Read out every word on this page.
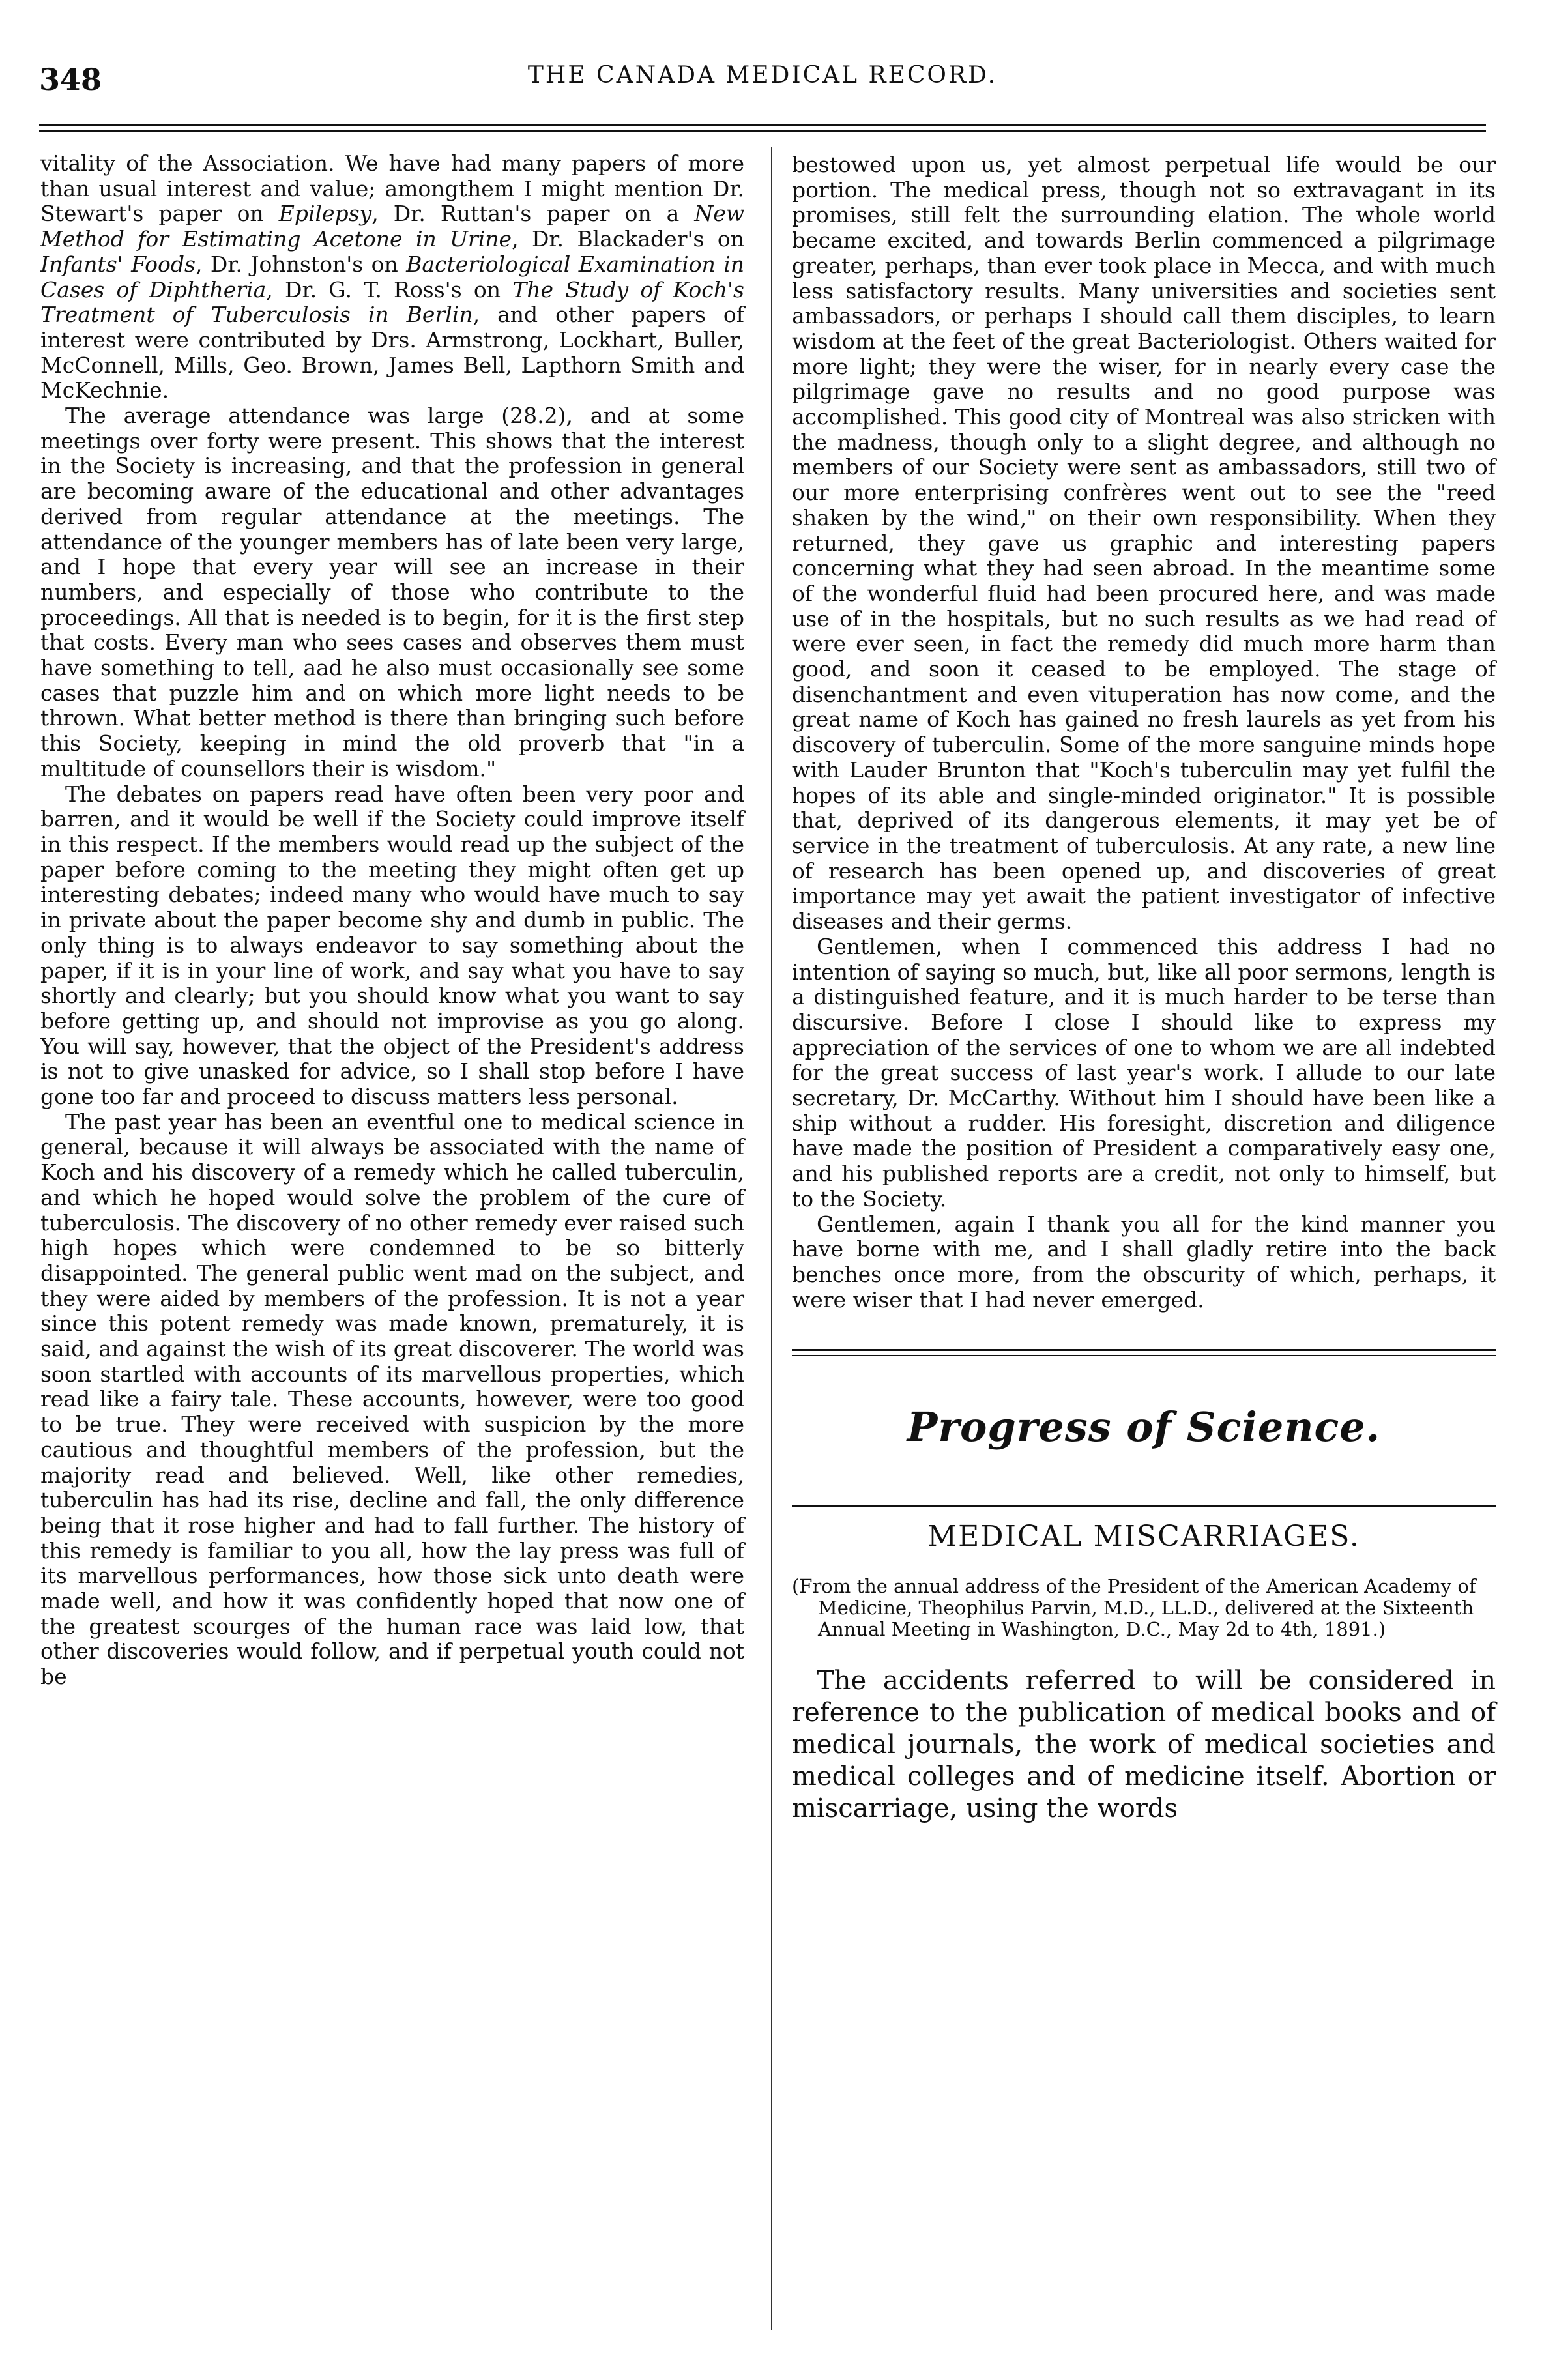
348	THE CANADA MEDICAL RECORD.

vitality of the Association. We have had many papers of more than usual interest and value; amongthem I might mention Dr. Stewart's paper on Epilepsy, Dr. Ruttan's paper on a New Method for Estimating Acetone in Urine, Dr. Blackader's on Infants' Foods, Dr. Johnston's on Bacteriological Examination in Cases of Diphtheria, Dr. G. T. Ross's on The Study of Koch's Treatment of Tuberculosis in Berlin, and other papers of interest were contributed by Drs. Armstrong, Lockhart, Buller, McConnell, Mills, Geo. Brown, James Bell, Lapthorn Smith and McKechnie.

The average attendance was large (28.2), and at some meetings over forty were present. This shows that the interest in the Society is increasing, and that the profession in general are becoming aware of the educational and other advantages derived from regular attendance at the meetings. The attendance of the younger members has of late been very large, and I hope that every year will see an increase in their numbers, and especially of those who contribute to the proceedings. All that is needed is to begin, for it is the first step that costs. Every man who sees cases and observes them must have something to tell, aad he also must occasionally see some cases that puzzle him and on which more light needs to be thrown. What better method is there than bringing such before this Society, keeping in mind the old proverb that "in a multitude of counsellors their is wisdom."

The debates on papers read have often been very poor and barren, and it would be well if the Society could improve itself in this respect. If the members would read up the subject of the paper before coming to the meeting they might often get up interesting debates; indeed many who would have much to say in private about the paper become shy and dumb in public. The only thing is to always endeavor to say something about the paper, if it is in your line of work, and say what you have to say shortly and clearly; but you should know what you want to say before getting up, and should not improvise as you go along. You will say, however, that the object of the President's address is not to give unasked for advice, so I shall stop before I have gone too far and proceed to discuss matters less personal.

The past year has been an eventful one to medical science in general, because it will always be associated with the name of Koch and his discovery of a remedy which he called tuberculin, and which he hoped would solve the problem of the cure of tuberculosis. The discovery of no other remedy ever raised such high hopes which were condemned to be so bitterly disappointed. The general public went mad on the subject, and they were aided by members of the profession. It is not a year since this potent remedy was made known, prematurely, it is said, and against the wish of its great discoverer. The world was soon startled with accounts of its marvellous properties, which read like a fairy tale. These accounts, however, were too good to be true. They were received with suspicion by the more cautious and thoughtful members of the profession, but the majority read and believed. Well, like other remedies, tuberculin has had its rise, decline and fall, the only difference being that it rose higher and had to fall further. The history of this remedy is familiar to you all, how the lay press was full of its marvellous performances, how those sick unto death were made well, and how it was confidently hoped that now one of the greatest scourges of the human race was laid low, that other discoveries would follow, and if perpetual youth could not be

bestowed upon us, yet almost perpetual life would be our portion. The medical press, though not so extravagant in its promises, still felt the surrounding elation. The whole world became excited, and towards Berlin commenced a pilgrimage greater, perhaps, than ever took place in Mecca, and with much less satisfactory results. Many universities and societies sent ambassadors, or perhaps I should call them disciples, to learn wisdom at the feet of the great Bacteriologist. Others waited for more light; they were the wiser, for in nearly every case the pilgrimage gave no results and no good purpose was accomplished. This good city of Montreal was also stricken with the madness, though only to a slight degree, and although no members of our Society were sent as ambassadors, still two of our more enterprising confrères went out to see the "reed shaken by the wind," on their own responsibility. When they returned, they gave us graphic and interesting papers concerning what they had seen abroad. In the meantime some of the wonderful fluid had been procured here, and was made use of in the hospitals, but no such results as we had read of were ever seen, in fact the remedy did much more harm than good, and soon it ceased to be employed. The stage of disenchantment and even vituperation has now come, and the great name of Koch has gained no fresh laurels as yet from his discovery of tuberculin. Some of the more sanguine minds hope with Lauder Brunton that "Koch's tuberculin may yet fulfil the hopes of its able and single-minded originator." It is possible that, deprived of its dangerous elements, it may yet be of service in the treatment of tuberculosis. At any rate, a new line of research has been opened up, and discoveries of great importance may yet await the patient investigator of infective diseases and their germs.

Gentlemen, when I commenced this address I had no intention of saying so much, but, like all poor sermons, length is a distinguished feature, and it is much harder to be terse than discursive. Before I close I should like to express my appreciation of the services of one to whom we are all indebted for the great success of last year's work. I allude to our late secretary, Dr. McCarthy. Without him I should have been like a ship without a rudder. His foresight, discretion and diligence have made the position of President a comparatively easy one, and his published reports are a credit, not only to himself, but to the Society.

Gentlemen, again I thank you all for the kind manner you have borne with me, and I shall gladly retire into the back benches once more, from the obscurity of which, perhaps, it were wiser that I had never emerged.

Progress of Science.
MEDICAL MISCARRIAGES.
(From the annual address of the President of the American Academy of Medicine, Theophilus Parvin, M.D., LL.D., delivered at the Sixteenth Annual Meeting in Washington, D.C., May 2d to 4th, 1891.)

The accidents referred to will be considered in reference to the publication of medical books and of medical journals, the work of medical societies and medical colleges and of medicine itself. Abortion or miscarriage, using the words
